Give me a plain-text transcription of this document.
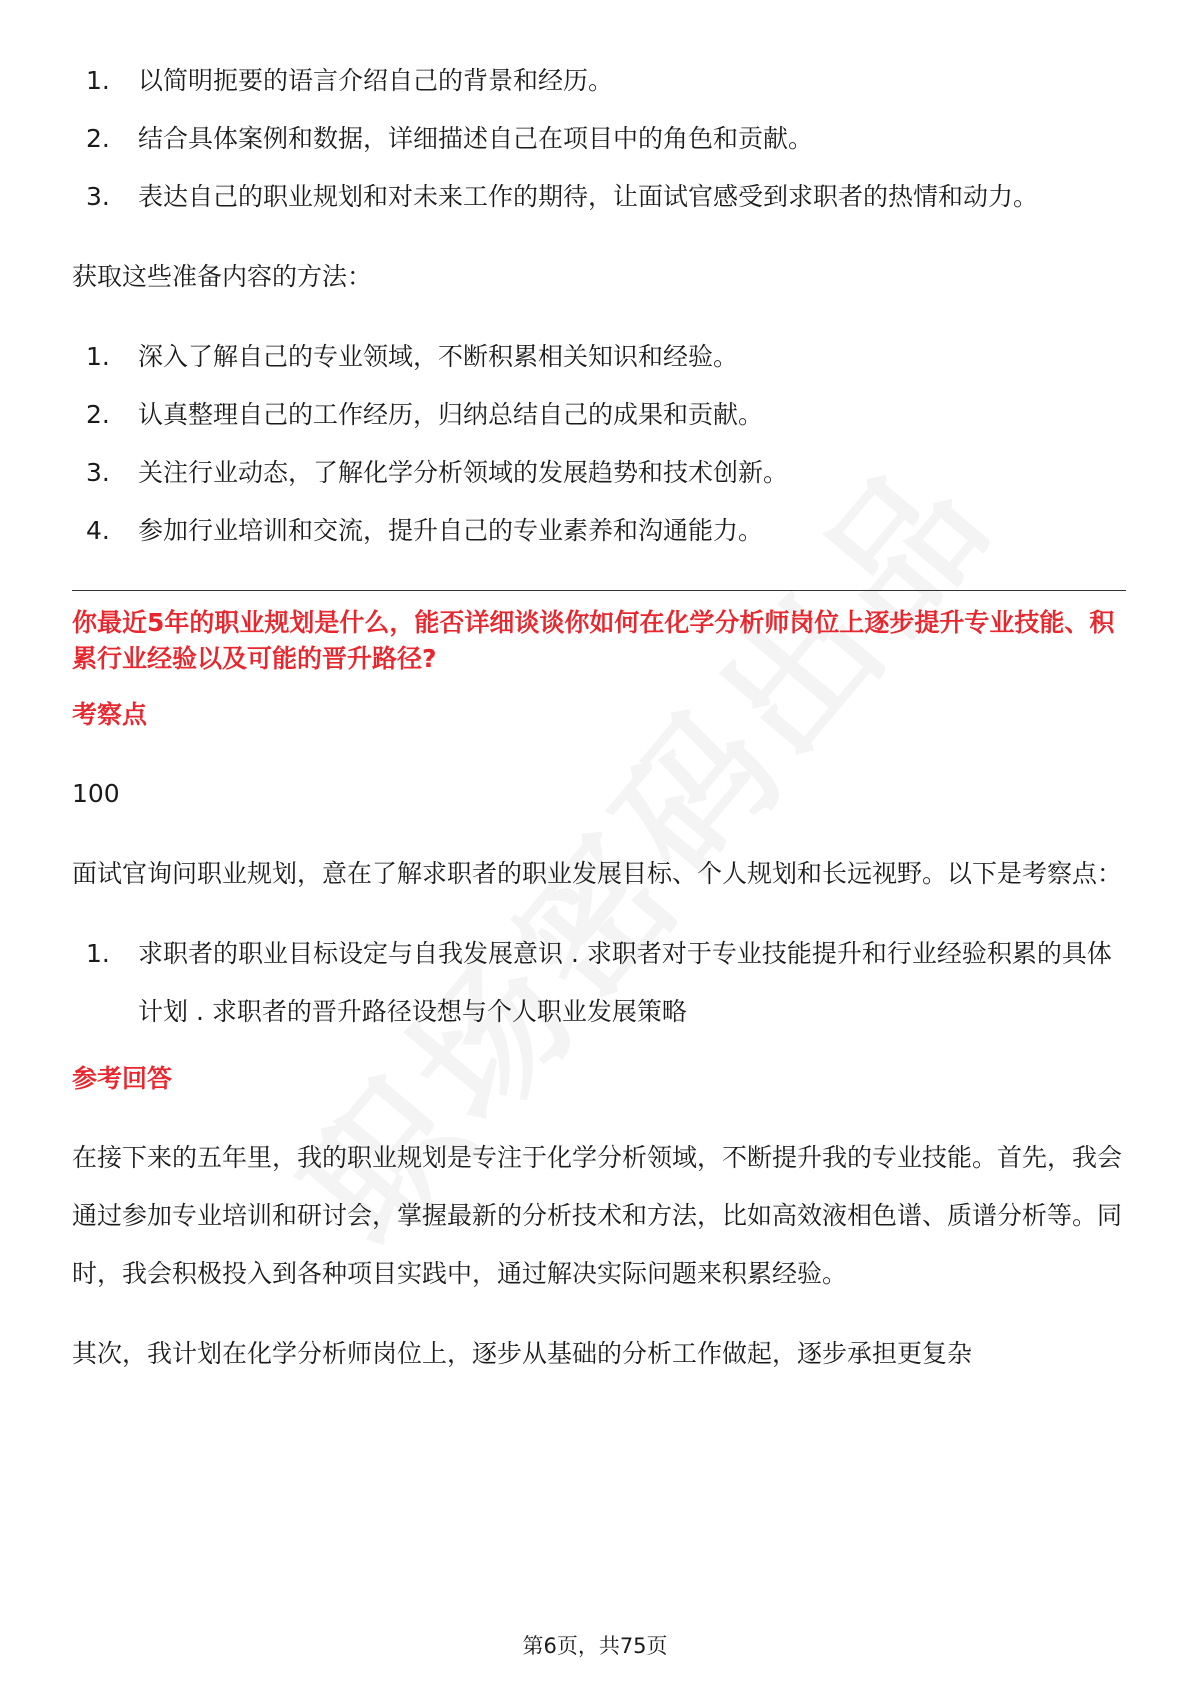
1.	以简明扼要的语言介绍自己的背景和经历。
2.	结合具体案例和数据，详细描述自己在项目中的角色和贡献。
3.	表达自己的职业规划和对未来工作的期待，让面试官感受到求职者的热情和动力。

获取这些准备内容的方法：

1.	深入了解自己的专业领域，不断积累相关知识和经验。
2.	认真整理自己的工作经历，归纳总结自己的成果和贡献。
3.	关注行业动态，了解化学分析领域的发展趋势和技术创新。
4.	参加行业培训和交流，提升自己的专业素养和沟通能力。

你最近5年的职业规划是什么，能否详细谈谈你如何在化学分析师岗位上逐步提升专业技能、积累行业经验以及可能的晋升路径?

考察点

100

面试官询问职业规划，意在了解求职者的职业发展目标、个人规划和长远视野。以下是考察点：

1.	求职者的职业目标设定与自我发展意识 . 求职者对于专业技能提升和行业经验积累的具体计划 . 求职者的晋升路径设想与个人职业发展策略

参考回答

在接下来的五年里，我的职业规划是专注于化学分析领域，不断提升我的专业技能。首先，我会通过参加专业培训和研讨会，掌握最新的分析技术和方法，比如高效液相色谱、质谱分析等。同时，我会积极投入到各种项目实践中，通过解决实际问题来积累经验。

其次，我计划在化学分析师岗位上，逐步从基础的分析工作做起，逐步承担更复杂

第6页，共75页
